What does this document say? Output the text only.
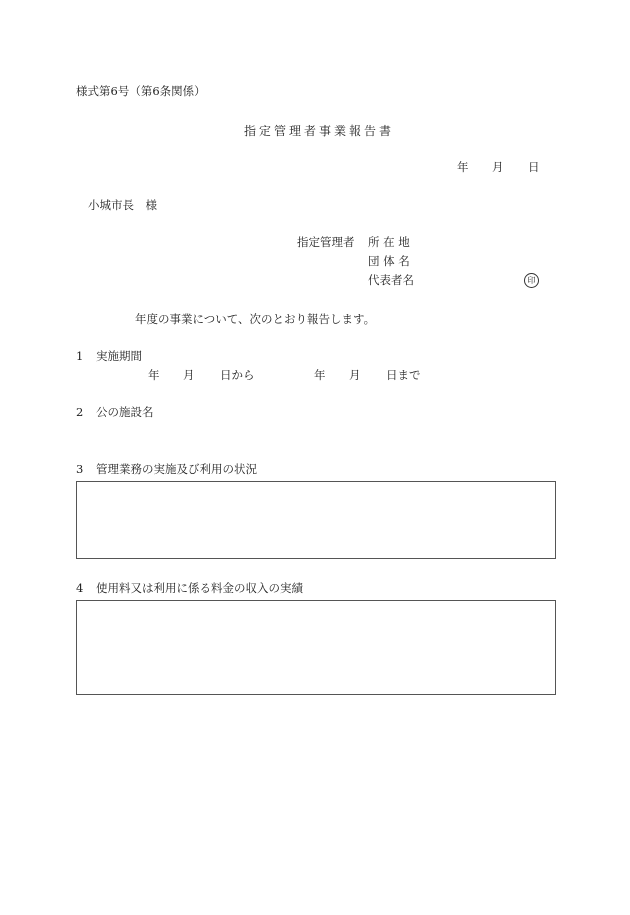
様式第6号（第6条関係）
指定管理者事業報告書
年 月 日
小城市長　様
指定管理者 所 在 地
団 体 名
代表者名	印
年度の事業について、次のとおり報告します。
1 実施期間
年 月 日から	年 月 日まで
2 公の施設名
3 管理業務の実施及び利用の状況
4 使用料又は利用に係る料金の収入の実績
